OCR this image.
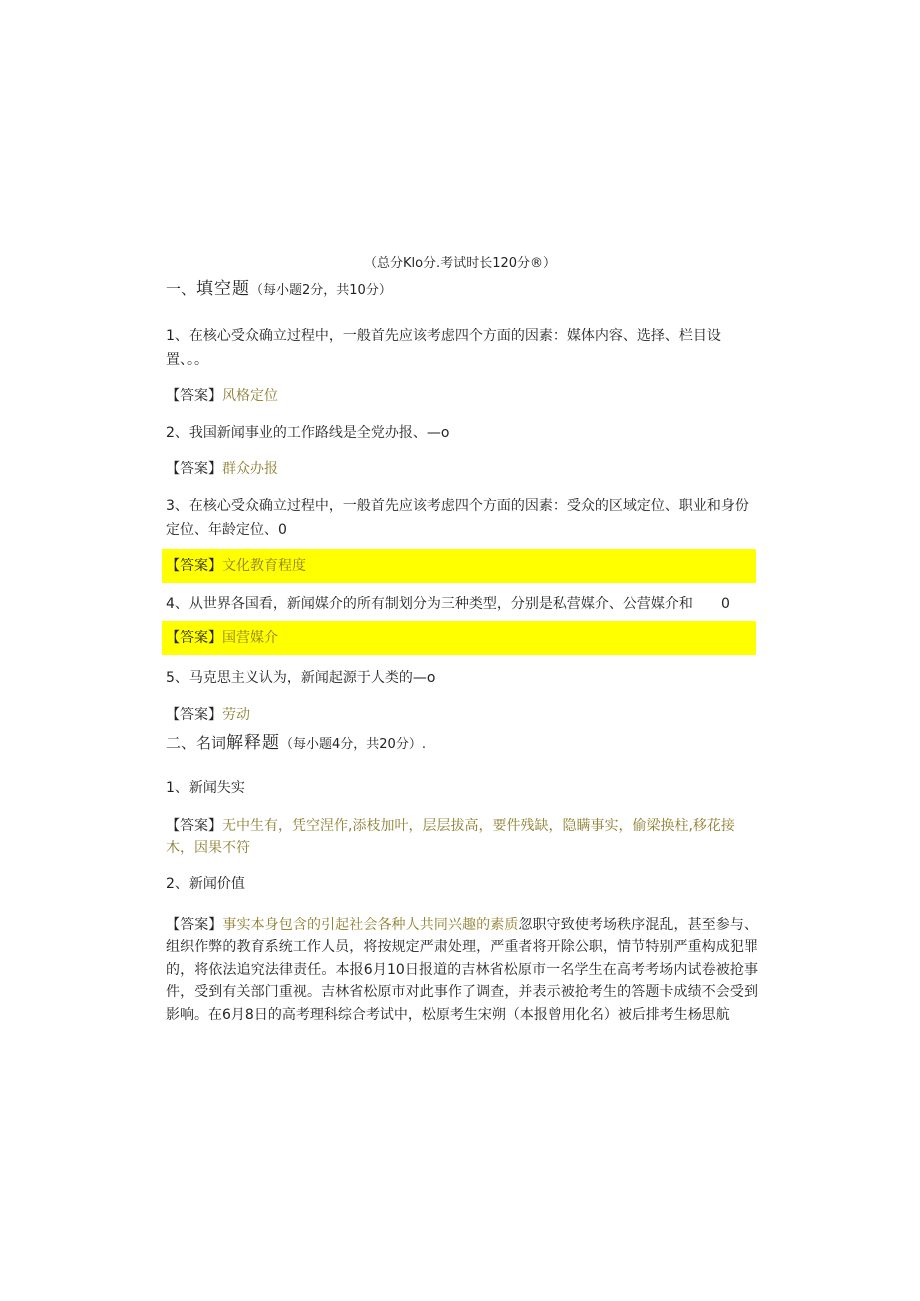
（总分Klo分.考试时长120分®）
一、填空题（每小题2分，共10分）
1、在核心受众确立过程中，一般首先应该考虑四个方面的因素：媒体内容、选择、栏目设
置、。。
【答案】风格定位
2、我国新闻事业的工作路线是全党办报、—o
【答案】群众办报
3、在核心受众确立过程中，一般首先应该考虑四个方面的因素：受众的区域定位、职业和身份
定位、年龄定位、0
【答案】文化教育程度
4、从世界各国看，新闻媒介的所有制划分为三种类型，分别是私营媒介、公营媒介和 0
【答案】国营媒介
5、马克思主义认为，新闻起源于人类的—o
【答案】劳动
二、名词解释题（每小题4分，共20分）.
1、新闻失实
【答案】无中生有，凭空涅作,添枝加叶，层层拔高，要件残缺，隐瞒事实，偷梁换柱,移花接
木，因果不符
2、新闻价值
【答案】事实本身包含的引起社会各种人共同兴趣的素质忽职守致使考场秩序混乱，甚至参与、组织作弊的教育系统工作人员，将按规定严肃处理，严重者将开除公职，情节特别严重构成犯罪的，将依法追究法律责任。本报6月10日报道的吉林省松原市一名学生在高考考场内试卷被抢事件，受到有关部门重视。吉林省松原市对此事作了调查，并表示被抢考生的答题卡成绩不会受到影响。在6月8日的高考理科综合考试中，松原考生宋朔（本报曾用化名）被后排考生杨思航
